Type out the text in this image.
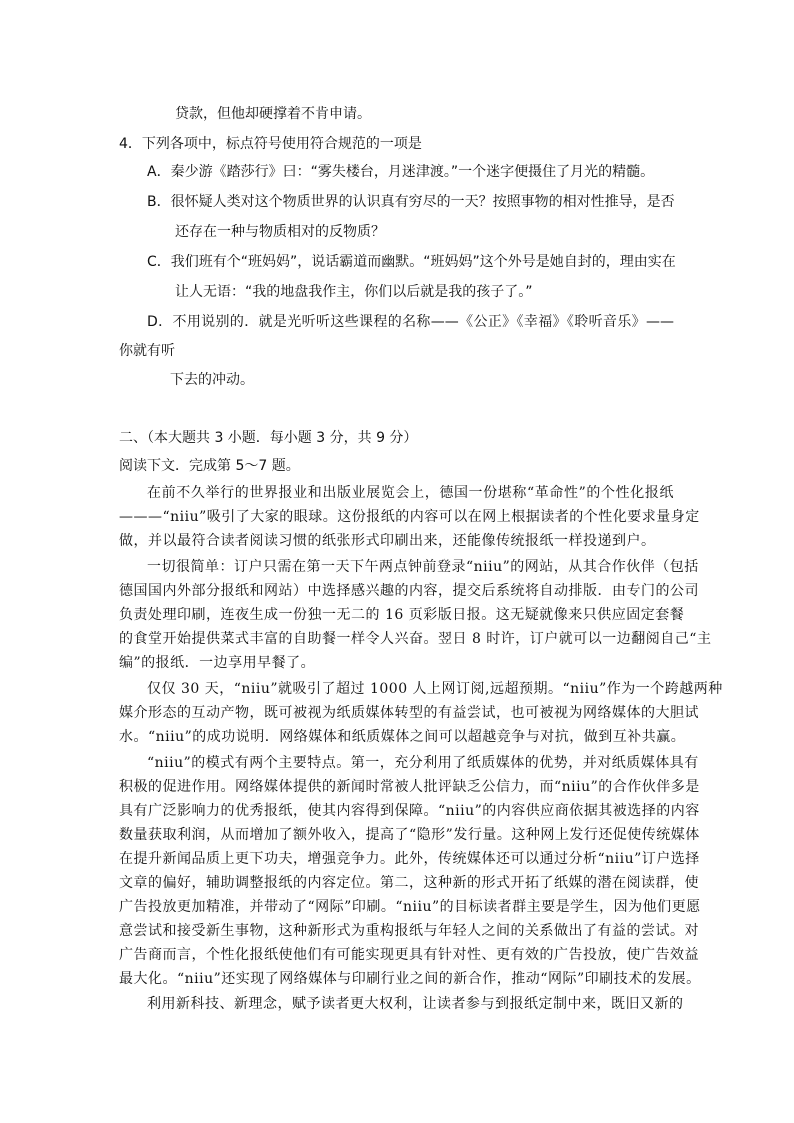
贷款，但他却硬撑着不肯申请。
4．下列各项中，标点符号使用符合规范的一项是
A．秦少游《踏莎行》曰：“雾失楼台，月迷津渡。”一个迷字便摄住了月光的精髓。
B．很怀疑人类对这个物质世界的认识真有穷尽的一天？按照事物的相对性推导，是否
还存在一种与物质相对的反物质？
C．我们班有个“班妈妈”，说话霸道而幽默。“班妈妈”这个外号是她自封的，理由实在
让人无语：“我的地盘我作主，你们以后就是我的孩子了。”
D．不用说别的．就是光听听这些课程的名称——《公正》《幸福》《聆听音乐》——
你就有听
下去的冲动。
二、（本大题共 3 小题．每小题 3 分，共 9 分）
阅读下文．完成第 5～7 题。
在前不久举行的世界报业和出版业展览会上，德国一份堪称“革命性”的个性化报纸
———“niiu”吸引了大家的眼球。这份报纸的内容可以在网上根据读者的个性化要求量身定
做，并以最符合读者阅读习惯的纸张形式印刷出来，还能像传统报纸一样投递到户。
一切很简单：订户只需在第一天下午两点钟前登录“niiu”的网站，从其合作伙伴（包括
德国国内外部分报纸和网站）中选择感兴趣的内容，提交后系统将自动排版．由专门的公司
负责处理印刷，连夜生成一份独一无二的 16 页彩版日报。这无疑就像来只供应固定套餐
的食堂开始提供菜式丰富的自助餐一样令人兴奋。翌日 8 时许，订户就可以一边翻阅自己“主
编”的报纸．一边享用早餐了。
仅仅 30 天，“niiu”就吸引了超过 1000 人上网订阅,远超预期。“niiu”作为一个跨越两种
媒介形态的互动产物，既可被视为纸质媒体转型的有益尝试，也可被视为网络媒体的大胆试
水。“niiu”的成功说明．网络媒体和纸质媒体之间可以超越竞争与对抗，做到互补共赢。
“niiu”的模式有两个主要特点。第一，充分利用了纸质媒体的优势，并对纸质媒体具有
积极的促进作用。网络媒体提供的新闻时常被人批评缺乏公信力，而“niiu”的合作伙伴多是
具有广泛影响力的优秀报纸，使其内容得到保障。“niiu”的内容供应商依据其被选择的内容
数量获取利润，从而增加了额外收入，提高了“隐形”发行量。这种网上发行还促使传统媒体
在提升新闻品质上更下功夫，增强竞争力。此外，传统媒体还可以通过分析“niiu”订户选择
文章的偏好，辅助调整报纸的内容定位。第二，这种新的形式开拓了纸媒的潜在阅读群，使
广告投放更加精准，并带动了“网际”印刷。“niiu”的目标读者群主要是学生，因为他们更愿
意尝试和接受新生事物，这种新形式为重构报纸与年轻人之间的关系做出了有益的尝试。对
广告商而言，个性化报纸使他们有可能实现更具有针对性、更有效的广告投放，使广告效益
最大化。“niiu”还实现了网络媒体与印刷行业之间的新合作，推动“网际”印刷技术的发展。
利用新科技、新理念，赋予读者更大权利，让读者参与到报纸定制中来，既旧又新的
